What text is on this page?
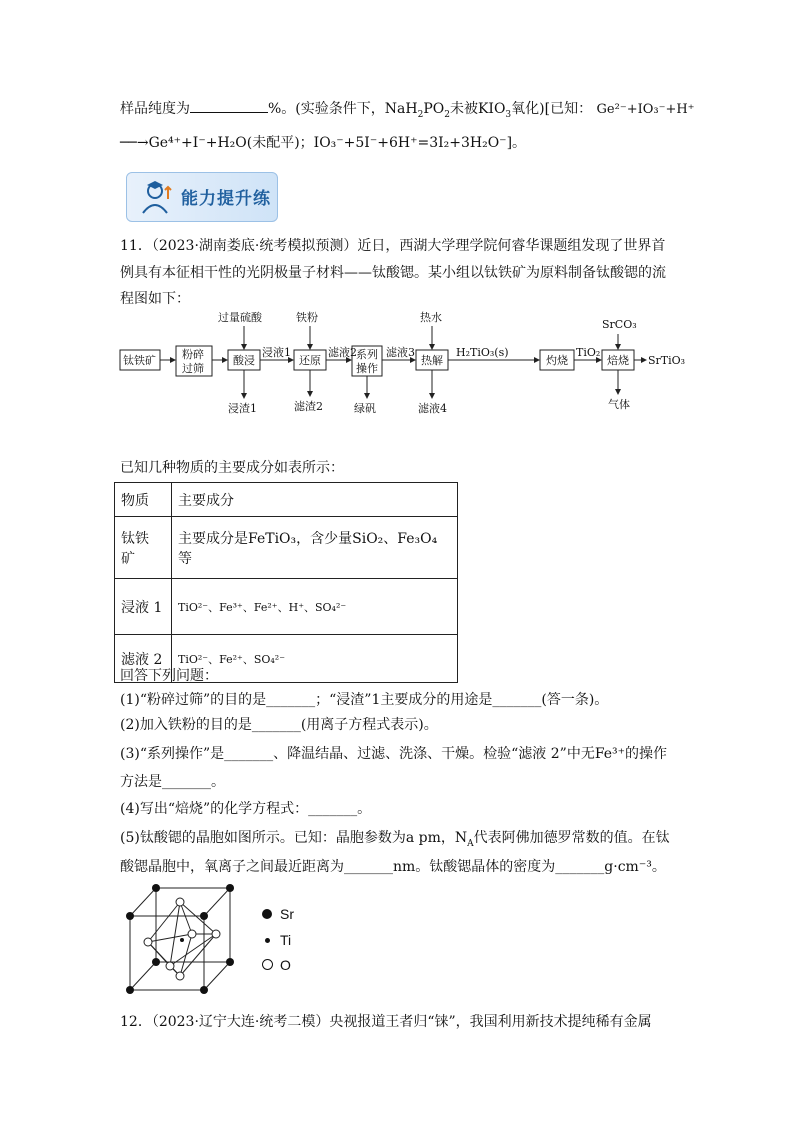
样品纯度为	%。(实验条件下，$NaH_2PO_2$未被$KIO_3$氧化)[已知： Ge²⁻+IO₃⁻+H⁺
──→Ge⁴⁺+I⁻+H₂O(未配平)；IO₃⁻+5I⁻+6H⁺=3I₂+3H₂O⁻]。
能力提升练
11．（2023·湖南娄底·统考模拟预测）近日，西湖大学理学院何睿华课题组发现了世界首
例具有本征相干性的光阴极量子材料——钛酸锶。某小组以钛铁矿为原料制备钛酸锶的流
程图如下：
钛铁矿 粉碎
过筛
酸浸	还原	系列
操作
热解	灼烧	焙烧
过量硫酸	铁粉	热水
SrCO₃
浸液1	滤液2	滤液3	H₂TiO₃(s)	TiO₂
SrTiO₃
浸渣1	滤渣2	绿矾	滤液4	气体
已知几种物质的主要成分如表所示：
物质	主要成分

钛铁
矿	主要成分是FeTiO₃，含少量SiO₂、Fe₃O₄等
浸液 1	TiO²⁻、Fe³⁺、Fe²⁺、H⁺、SO₄²⁻
滤液 2	TiO²⁻、Fe²⁺、SO₄²⁻
回答下列问题：
(1)“粉碎过筛”的目的是_______；“浸渣”1主要成分的用途是_______(答一条)。
(2)加入铁粉的目的是_______(用离子方程式表示)。
(3)“系列操作”是_______、降温结晶、过滤、洗涤、干燥。检验“滤液 2”中无Fe³⁺的操作
方法是_______。
(4)写出“焙烧”的化学方程式：_______。
(5)钛酸锶的晶胞如图所示。已知：晶胞参数为a pm，$N_A$代表阿佛加德罗常数的值。在钛
酸锶晶胞中，氧离子之间最近距离为_______nm。钛酸锶晶体的密度为_______g·cm⁻³。
Sr
Ti
O
12．（2023·辽宁大连·统考二模）央视报道王者归“铼”，我国利用新技术提纯稀有金属
